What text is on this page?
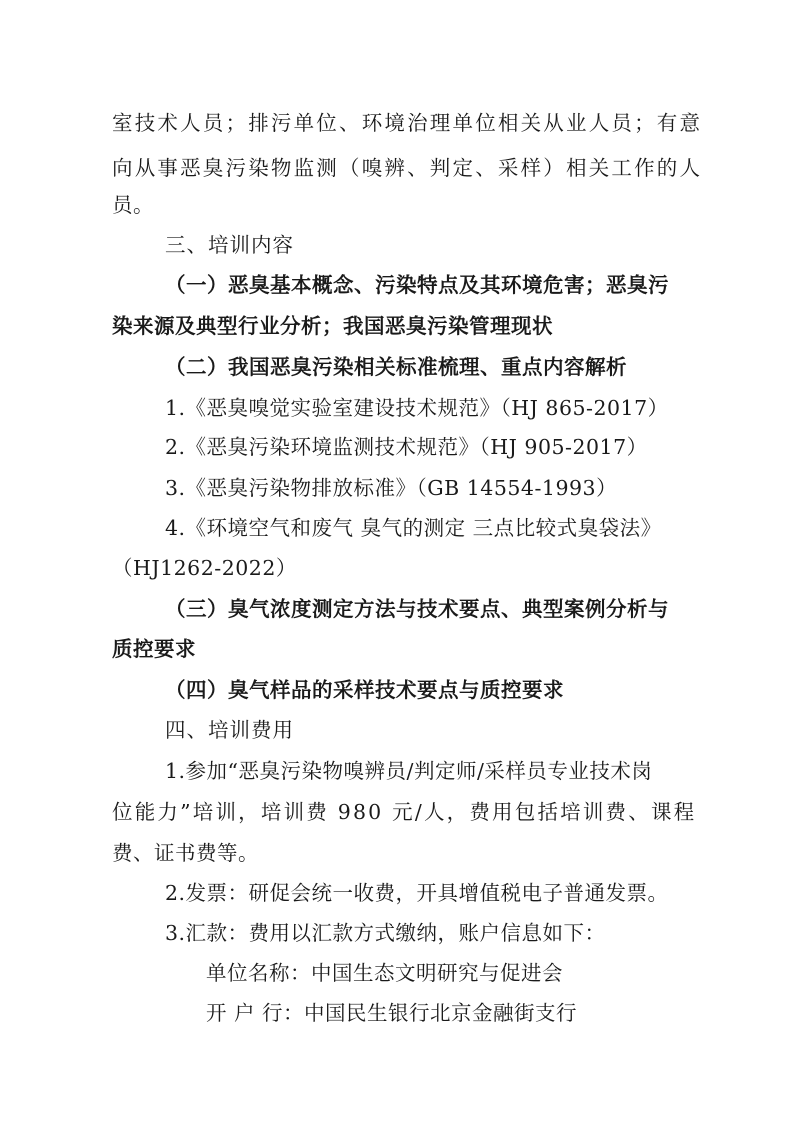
室技术人员；排污单位、环境治理单位相关从业人员；有意
向从事恶臭污染物监测（嗅辨、判定、采样）相关工作的人
员。
三、培训内容
（一）恶臭基本概念、污染特点及其环境危害；恶臭污
染来源及典型行业分析；我国恶臭污染管理现状
（二）我国恶臭污染相关标准梳理、重点内容解析
1.《恶臭嗅觉实验室建设技术规范》（HJ 865-2017）
2.《恶臭污染环境监测技术规范》（HJ 905-2017）
3.《恶臭污染物排放标准》（GB 14554-1993）
4.《环境空气和废气 臭气的测定 三点比较式臭袋法》
（HJ1262-2022）
（三）臭气浓度测定方法与技术要点、典型案例分析与
质控要求
（四）臭气样品的采样技术要点与质控要求
四、培训费用
1.参加“恶臭污染物嗅辨员/判定师/采样员专业技术岗
位能力”培训，培训费 980 元/人，费用包括培训费、课程
费、证书费等。
2.发票：研促会统一收费，开具增值税电子普通发票。
3.汇款：费用以汇款方式缴纳，账户信息如下：
单位名称：中国生态文明研究与促进会
开 户 行：中国民生银行北京金融街支行
